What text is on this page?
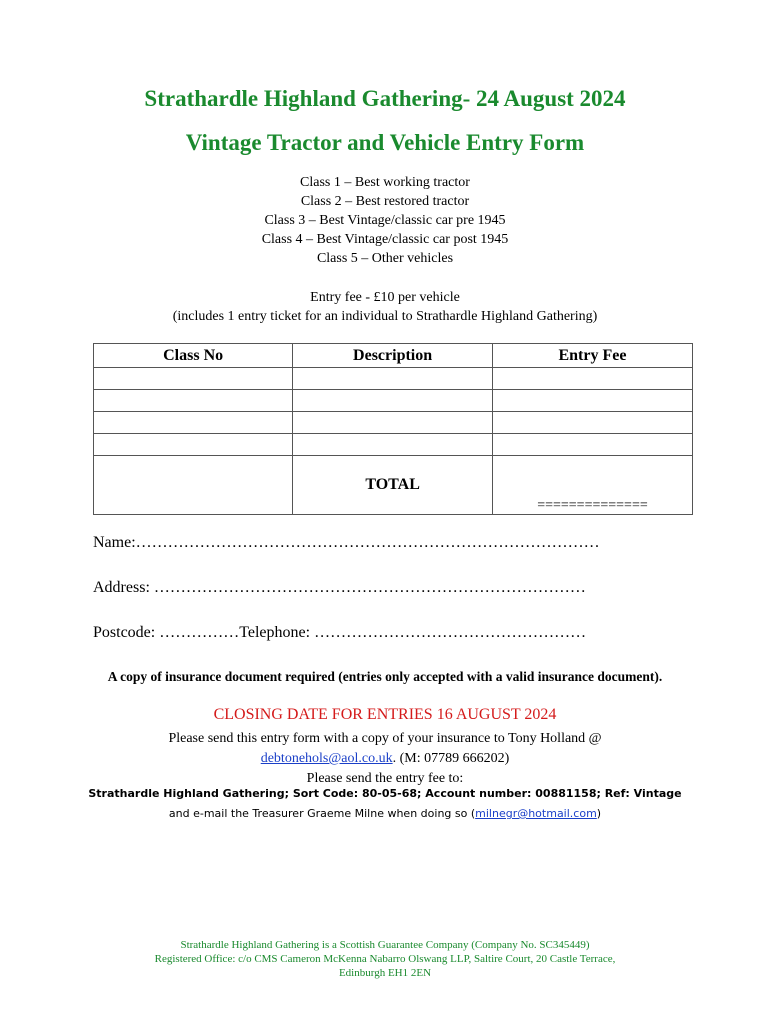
Strathardle Highland Gathering- 24 August 2024
Vintage Tractor and Vehicle Entry Form
Class 1 – Best working tractor
Class 2 – Best restored tractor
Class 3 – Best Vintage/classic car pre 1945
Class 4 – Best Vintage/classic car post 1945
Class 5 – Other vehicles
Entry fee - £10 per vehicle
(includes 1 entry ticket for an individual to Strathardle Highland Gathering)
Class No	Description	Entry Fee

	TOTAL	==============
Name:……………………………………………………………………………
Address: ………………………………………………………………………
Postcode: ……………Telephone: ……………………………………………
A copy of insurance document required (entries only accepted with a valid insurance document).
CLOSING DATE FOR ENTRIES 16 AUGUST 2024
Please send this entry form with a copy of your insurance to Tony Holland @
debtonehols@aol.co.uk. (M: 07789 666202)
Please send the entry fee to:
Strathardle Highland Gathering; Sort Code: 80-05-68; Account number: 00881158; Ref: Vintage
and e-mail the Treasurer Graeme Milne when doing so (milnegr@hotmail.com)
Strathardle Highland Gathering is a Scottish Guarantee Company (Company No. SC345449)
Registered Office: c/o CMS Cameron McKenna Nabarro Olswang LLP, Saltire Court, 20 Castle Terrace,
Edinburgh EH1 2EN
